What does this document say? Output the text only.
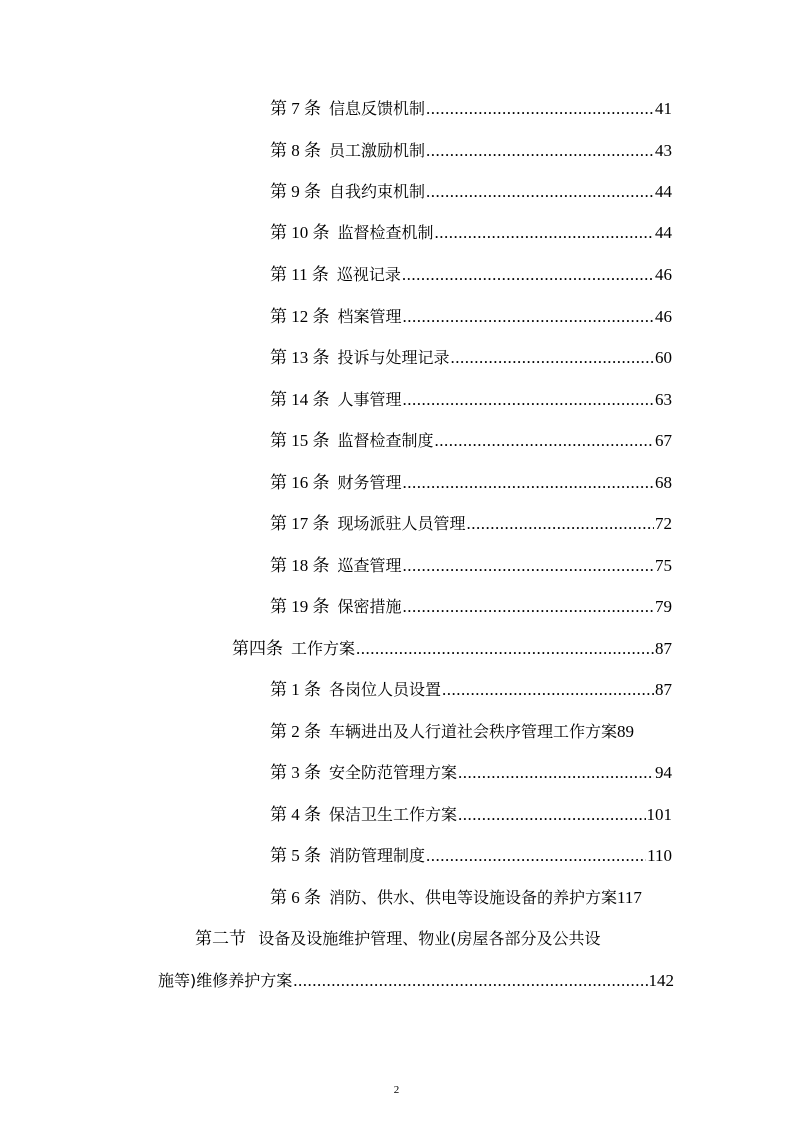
第 7 条 信息反馈机制 .....	41
第 8 条 员工激励机制 .....	43
第 9 条 自我约束机制 .....	44
第 10 条 监督检查机制 .....	44
第 11 条 巡视记录 .....	46
第 12 条 档案管理 .....	46
第 13 条 投诉与处理记录 .....	60
第 14 条 人事管理 .....	63
第 15 条 监督检查制度 .....	67
第 16 条 财务管理 .....	68
第 17 条 现场派驻人员管理 .....	72
第 18 条 巡查管理 .....	75
第 19 条 保密措施 .....	79
第四条 工作方案 .....	87
第 1 条 各岗位人员设置 .....	87
第 2 条 车辆进出及人行道社会秩序管理工作方案 89
第 3 条 安全防范管理方案 .....	94
第 4 条 保洁卫生工作方案 .....	101
第 5 条 消防管理制度 .....	110
第 6 条 消防、供水、供电等设施设备的养护方案 117
第二节 设备及设施维护管理、物业(房屋各部分及公共设
施等)维修养护方案 .....	142
2
